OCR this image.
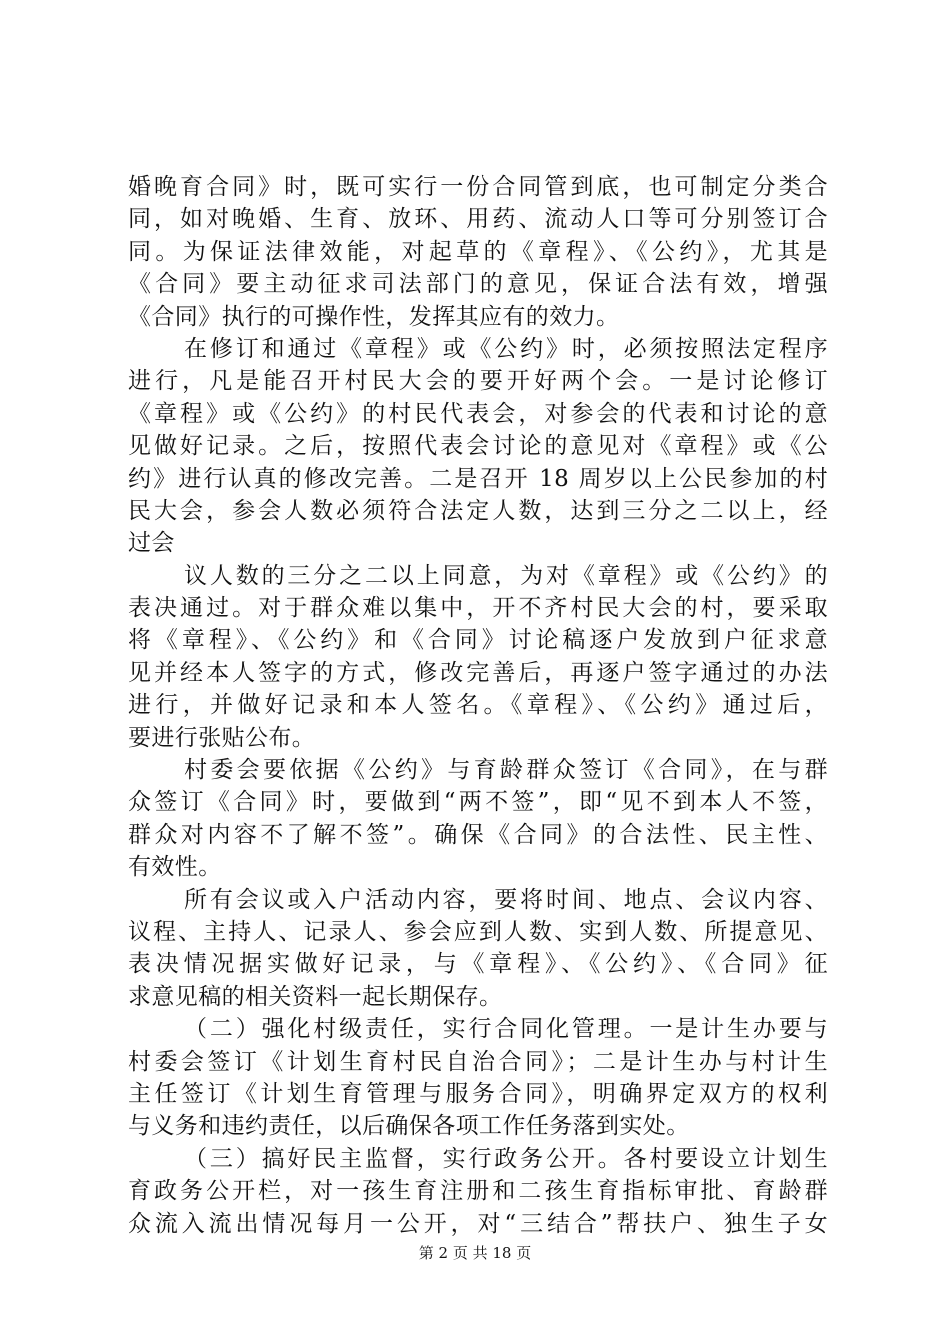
婚晚育合同》时，既可实行一份合同管到底，也可制定分类合
同，如对晚婚、生育、放环、用药、流动人口等可分别签订合
同。为保证法律效能，对起草的《章程》、《公约》，尤其是
《合同》要主动征求司法部门的意见，保证合法有效，增强
《合同》执行的可操作性，发挥其应有的效力。
在修订和通过《章程》或《公约》时，必须按照法定程序
进行，凡是能召开村民大会的要开好两个会。一是讨论修订
《章程》或《公约》的村民代表会，对参会的代表和讨论的意
见做好记录。之后，按照代表会讨论的意见对《章程》或《公
约》进行认真的修改完善。二是召开 18 周岁以上公民参加的村
民大会，参会人数必须符合法定人数，达到三分之二以上，经
过会
议人数的三分之二以上同意，为对《章程》或《公约》的
表决通过。对于群众难以集中，开不齐村民大会的村，要采取
将《章程》、《公约》和《合同》讨论稿逐户发放到户征求意
见并经本人签字的方式，修改完善后，再逐户签字通过的办法
进行，并做好记录和本人签名。《章程》、《公约》通过后，
要进行张贴公布。
村委会要依据《公约》与育龄群众签订《合同》，在与群
众签订《合同》时，要做到“两不签”，即“见不到本人不签，
群众对内容不了解不签”。确保《合同》的合法性、民主性、
有效性。
所有会议或入户活动内容，要将时间、地点、会议内容、
议程、主持人、记录人、参会应到人数、实到人数、所提意见、
表决情况据实做好记录，与《章程》、《公约》、《合同》征
求意见稿的相关资料一起长期保存。
（二）强化村级责任，实行合同化管理。一是计生办要与
村委会签订《计划生育村民自治合同》；二是计生办与村计生
主任签订《计划生育管理与服务合同》，明确界定双方的权利
与义务和违约责任，以后确保各项工作任务落到实处。
（三）搞好民主监督，实行政务公开。各村要设立计划生
育政务公开栏，对一孩生育注册和二孩生育指标审批、育龄群
众流入流出情况每月一公开，对“三结合”帮扶户、独生子女
第 2 页 共 18 页
